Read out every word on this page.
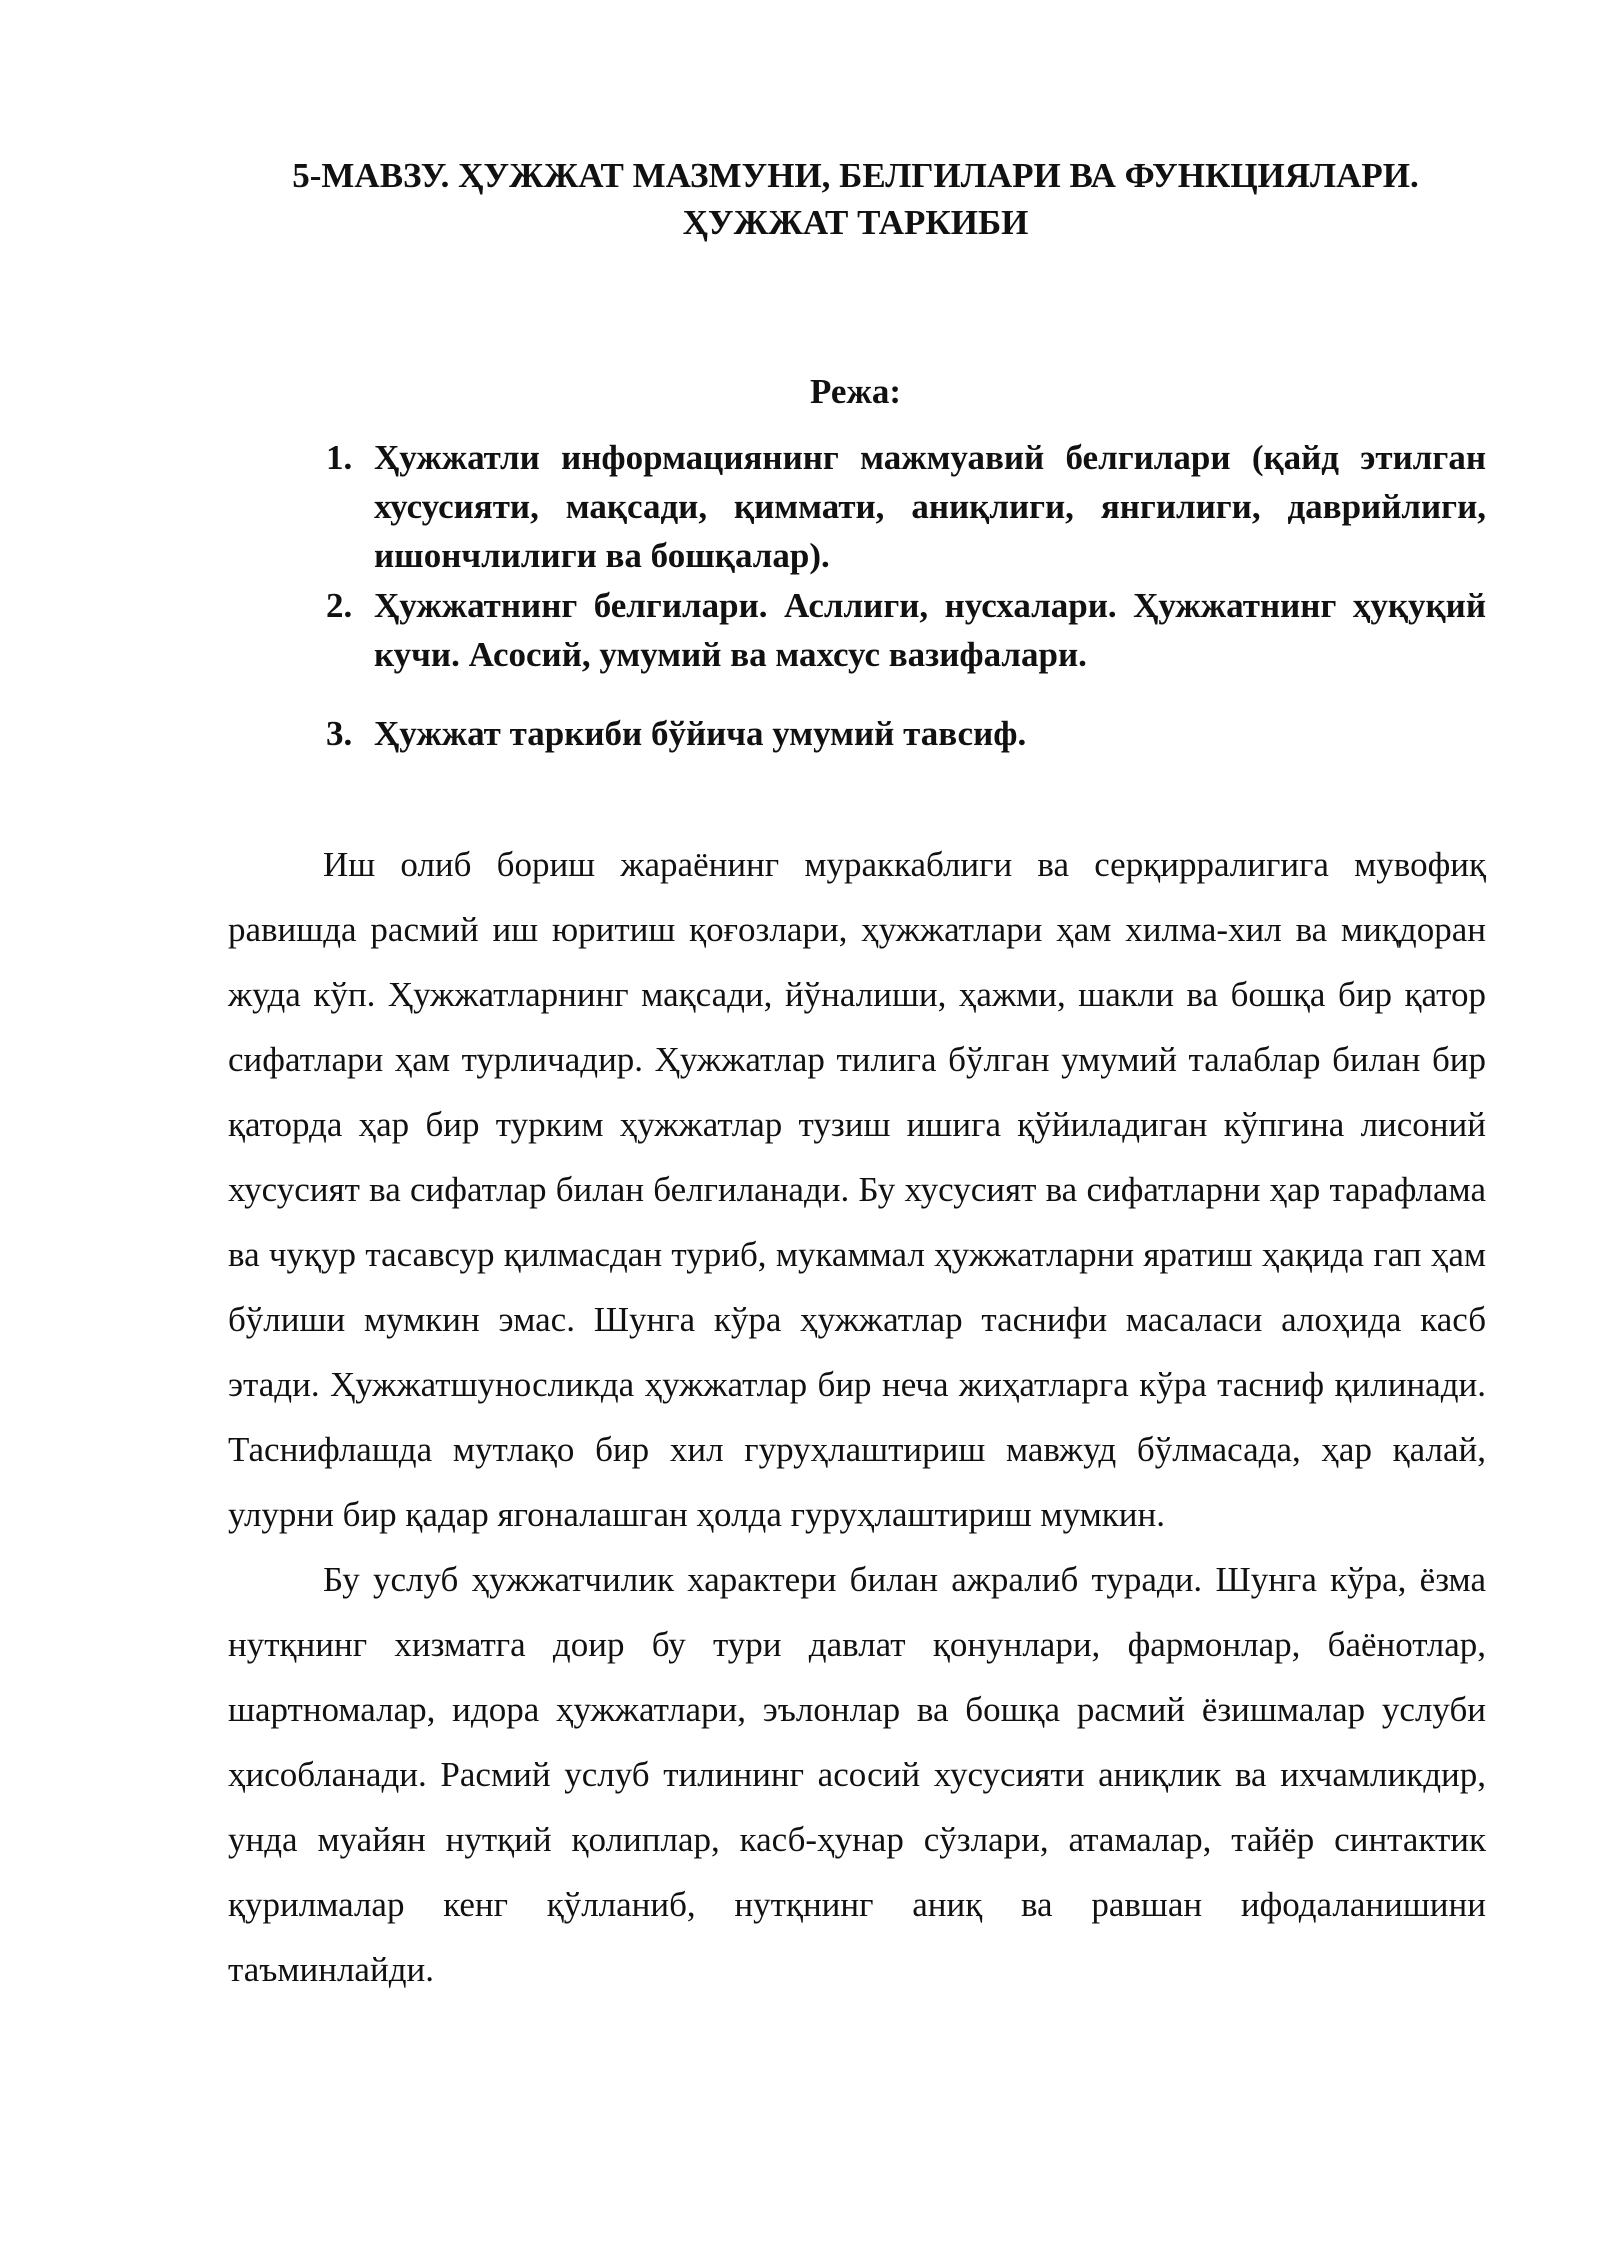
5-МАВЗУ. ҲУЖЖАТ МАЗМУНИ, БЕЛГИЛАРИ ВА ФУНКЦИЯЛАРИ.
ҲУЖЖАТ ТАРКИБИ
Режа:
1. Ҳужжатли информациянинг мажмуавий белгилари (қайд этилган хусусияти, мақсади, қиммати, аниқлиги, янгилиги, даврийлиги, ишончлилиги ва бошқалар).
2. Ҳужжатнинг белгилари. Асллиги, нусхалари. Ҳужжатнинг ҳуқуқий кучи. Асосий, умумий ва махсус вазифалари.
3. Ҳужжат таркиби бўйича умумий тавсиф.

Иш олиб бориш жараёнинг мураккаблиги ва серқирралигига мувофиқ равишда расмий иш юритиш қоғозлари, ҳужжатлари ҳам хилма-хил ва миқдоран жуда кўп. Ҳужжатларнинг мақсади, йўналиши, ҳажми, шакли ва бошқа бир қатор сифатлари ҳам турличадир. Ҳужжатлар тилига бўлган умумий талаблар билан бир қаторда ҳар бир турким ҳужжатлар тузиш ишига қўйиладиган кўпгина лисоний хусусият ва сифатлар билан белгиланади. Бу хусусият ва сифатларни ҳар тарафлама ва чуқур тасавсур қилмасдан туриб, мукаммал ҳужжатларни яратиш ҳақида гап ҳам бўлиши мумкин эмас. Шунга кўра ҳужжатлар таснифи масаласи алоҳида касб этади. Ҳужжатшуносликда ҳужжатлар бир неча жиҳатларга кўра тасниф қилинади. Таснифлашда мутлақо бир хил гуруҳлаштириш мавжуд бўлмасада, ҳар қалай, улурни бир қадар ягоналашган ҳолда гуруҳлаштириш мумкин.

Бу услуб ҳужжатчилик характери билан ажралиб туради. Шунга кўра, ёзма нутқнинг хизматга доир бу тури давлат қонунлари, фармонлар, баёнотлар, шартномалар, идора ҳужжатлари, эълонлар ва бошқа расмий ёзишмалар услуби ҳисобланади. Расмий услуб тилининг асосий хусусияти аниқлик ва ихчамликдир, унда муайян нутқий қолиплар, касб-ҳунар сўзлари, атамалар, тайёр синтактик қурилмалар кенг қўлланиб, нутқнинг аниқ ва равшан ифодаланишини таъминлайди.
